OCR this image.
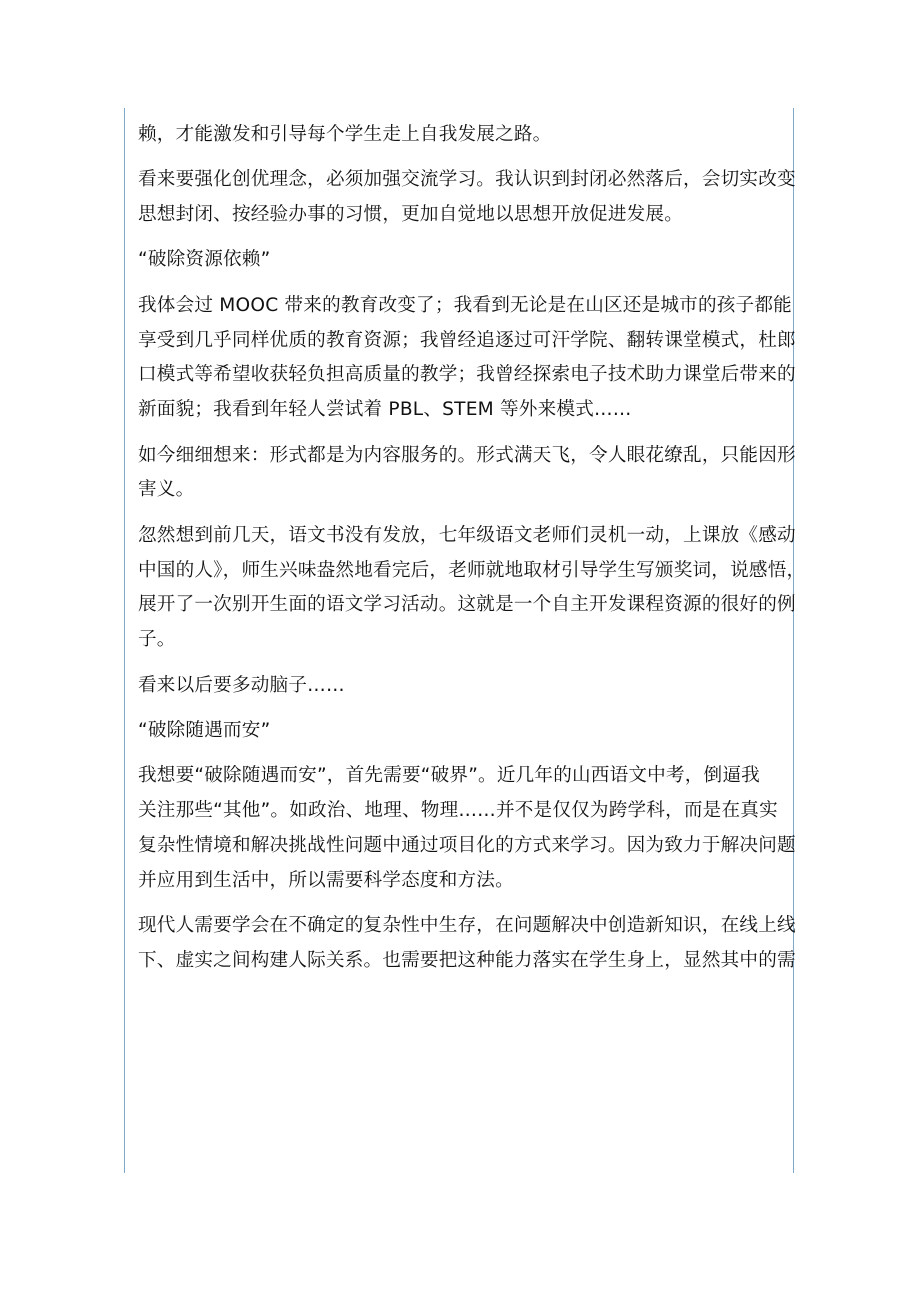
赖，才能激发和引导每个学生走上自我发展之路。
看来要强化创优理念，必须加强交流学习。我认识到封闭必然落后，会切实改变
思想封闭、按经验办事的习惯，更加自觉地以思想开放促进发展。
“破除资源依赖”
我体会过 MOOC 带来的教育改变了；我看到无论是在山区还是城市的孩子都能
享受到几乎同样优质的教育资源；我曾经追逐过可汗学院、翻转课堂模式，杜郎
口模式等希望收获轻负担高质量的教学；我曾经探索电子技术助力课堂后带来的
新面貌；我看到年轻人尝试着 PBL、STEM 等外来模式……
如今细细想来：形式都是为内容服务的。形式满天飞，令人眼花缭乱，只能因形
害义。
忽然想到前几天，语文书没有发放，七年级语文老师们灵机一动，上课放《感动
中国的人》，师生兴味盎然地看完后，老师就地取材引导学生写颁奖词，说感悟，
展开了一次别开生面的语文学习活动。这就是一个自主开发课程资源的很好的例
子。
看来以后要多动脑子……
“破除随遇而安”
我想要“破除随遇而安”，首先需要“破界”。近几年的山西语文中考，倒逼我
关注那些“其他”。如政治、地理、物理……并不是仅仅为跨学科，而是在真实
复杂性情境和解决挑战性问题中通过项目化的方式来学习。因为致力于解决问题
并应用到生活中，所以需要科学态度和方法。
现代人需要学会在不确定的复杂性中生存，在问题解决中创造新知识，在线上线
下、虚实之间构建人际关系。也需要把这种能力落实在学生身上，显然其中的需
